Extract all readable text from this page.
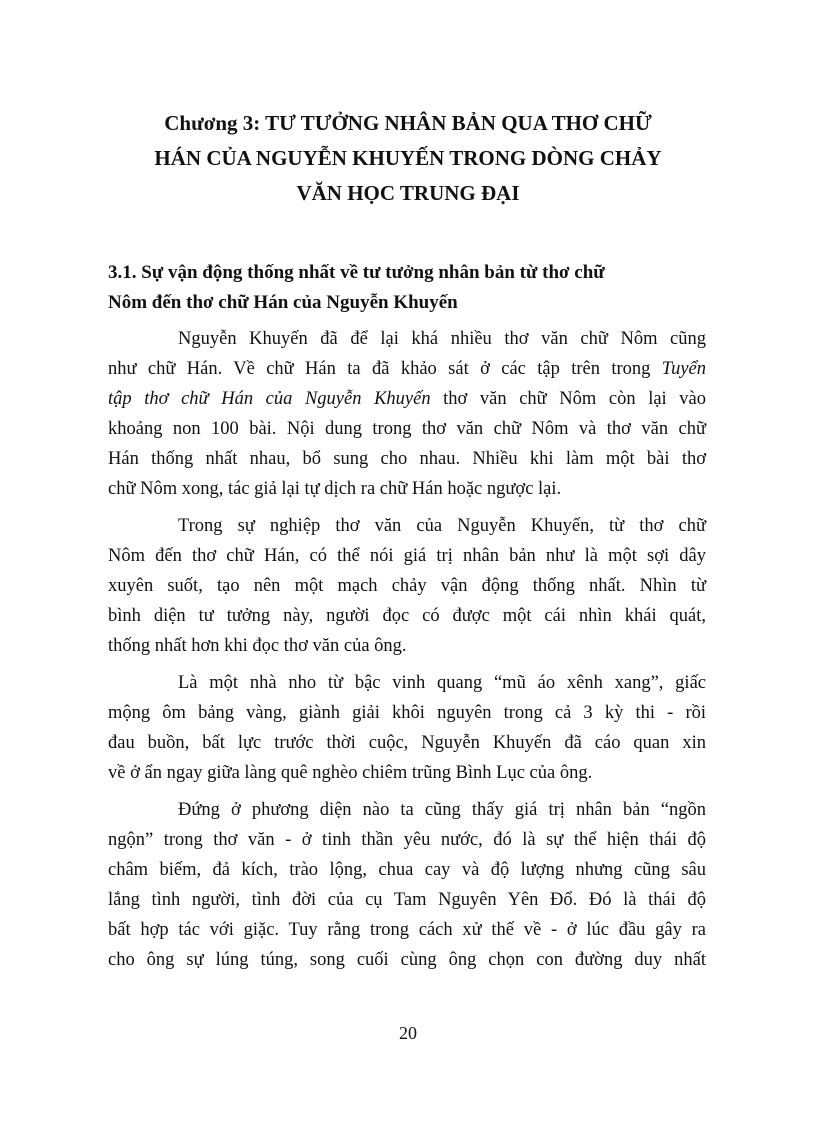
Chương 3: TƯ TƯỞNG NHÂN BẢN QUA THƠ CHỮ
HÁN CỦA NGUYỄN KHUYẾN TRONG DÒNG CHẢY
VĂN HỌC TRUNG ĐẠI
3.1. Sự vận động thống nhất về tư tưởng nhân bản từ thơ chữ
Nôm đến thơ chữ Hán của Nguyễn Khuyến
Nguyễn Khuyến đã để lại khá nhiều thơ văn chữ Nôm cũng
như chữ Hán. Về chữ Hán ta đã khảo sát ở các tập trên trong Tuyển
tập thơ chữ Hán của Nguyễn Khuyến thơ văn chữ Nôm còn lại vào
khoảng non 100 bài. Nội dung trong thơ văn chữ Nôm và thơ văn chữ
Hán thống nhất nhau, bổ sung cho nhau. Nhiều khi làm một bài thơ
chữ Nôm xong, tác giả lại tự dịch ra chữ Hán hoặc ngược lại.
Trong sự nghiệp thơ văn của Nguyễn Khuyến, từ thơ chữ
Nôm đến thơ chữ Hán, có thể nói giá trị nhân bản như là một sợi dây
xuyên suốt, tạo nên một mạch chảy vận động thống nhất. Nhìn từ
bình diện tư tưởng này, người đọc có được một cái nhìn khái quát,
thống nhất hơn khi đọc thơ văn của ông.
Là một nhà nho từ bậc vinh quang “mũ áo xênh xang”, giấc
mộng ôm bảng vàng, giành giải khôi nguyên trong cả 3 kỳ thi - rồi
đau buồn, bất lực trước thời cuộc, Nguyễn Khuyến đã cáo quan xin
về ở ẩn ngay giữa làng quê nghèo chiêm trũng Bình Lục của ông.
Đứng ở phương diện nào ta cũng thấy giá trị nhân bản “ngồn
ngộn” trong thơ văn - ở tinh thần yêu nước, đó là sự thể hiện thái độ
châm biếm, đả kích, trào lộng, chua cay và độ lượng nhưng cũng sâu
lắng tình người, tình đời của cụ Tam Nguyên Yên Đổ. Đó là thái độ
bất hợp tác với giặc. Tuy rằng trong cách xử thế về - ở lúc đầu gây ra
cho ông sự lúng túng, song cuối cùng ông chọn con đường duy nhất
20
